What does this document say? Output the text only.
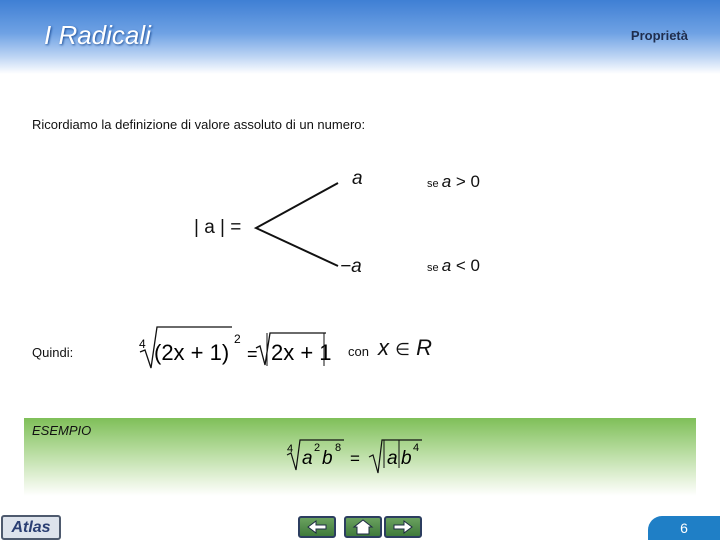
I Radicali	Proprietà
Ricordiamo la definizione di valore assoluto di un numero:
| a | =
a	se a > 0
−a	se a < 0
Quindi:
4 (2x + 1)
2
= 2x + 1 con x ∈ R
ESEMPIO
4 a 2 b 8
= a b 4
Atlas	6
